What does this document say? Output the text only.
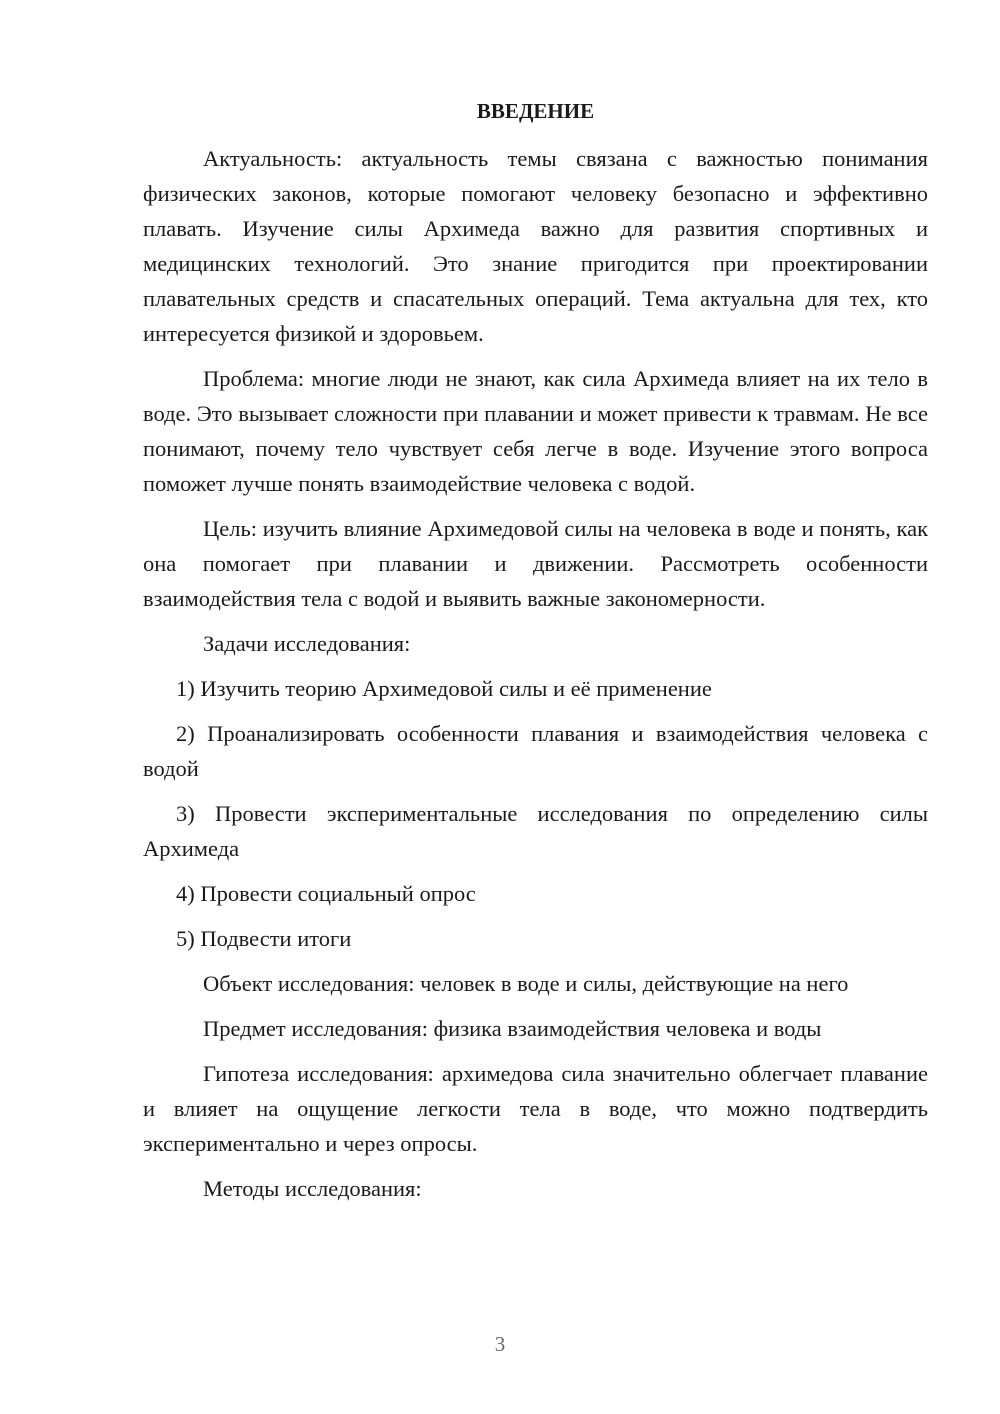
ВВЕДЕНИЕ

Актуальность: актуальность темы связана с важностью понимания физических законов, которые помогают человеку безопасно и эффективно плавать. Изучение силы Архимеда важно для развития спортивных и медицинских технологий. Это знание пригодится при проектировании плавательных средств и спасательных операций. Тема актуальна для тех, кто интересуется физикой и здоровьем.

Проблема: многие люди не знают, как сила Архимеда влияет на их тело в воде. Это вызывает сложности при плавании и может привести к травмам. Не все понимают, почему тело чувствует себя легче в воде. Изучение этого вопроса поможет лучше понять взаимодействие человека с водой.

Цель: изучить влияние Архимедовой силы на человека в воде и понять, как она помогает при плавании и движении. Рассмотреть особенности взаимодействия тела с водой и выявить важные закономерности.

Задачи исследования:

1) Изучить теорию Архимедовой силы и её применение

2) Проанализировать особенности плавания и взаимодействия человека с водой

3) Провести экспериментальные исследования по определению силы Архимеда

4) Провести социальный опрос

5) Подвести итоги

Объект исследования: человек в воде и силы, действующие на него

Предмет исследования: физика взаимодействия человека и воды

Гипотеза исследования: архимедова сила значительно облегчает плавание и влияет на ощущение легкости тела в воде, что можно подтвердить экспериментально и через опросы.

Методы исследования:

3
